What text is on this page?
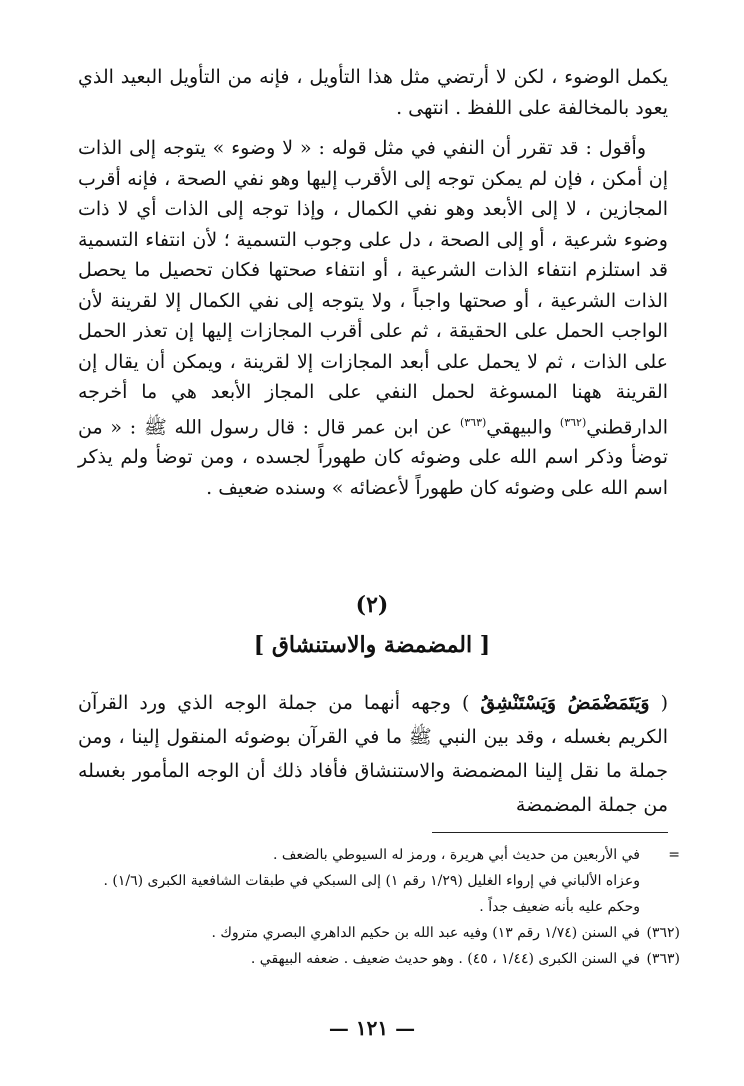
يكمل الوضوء ، لكن لا أرتضي مثل هذا التأويل ، فإنه من التأويل البعيد الذي يعود بالمخالفة على اللفظ . انتهى .

وأقول : قد تقرر أن النفي في مثل قوله : « لا وضوء » يتوجه إلى الذات إن أمكن ، فإن لم يمكن توجه إلى الأقرب إليها وهو نفي الصحة ، فإنه أقرب المجازين ، لا إلى الأبعد وهو نفي الكمال ، وإذا توجه إلى الذات أي لا ذات وضوء شرعية ، أو إلى الصحة ، دل على وجوب التسمية ؛ لأن انتفاء التسمية قد استلزم انتفاء الذات الشرعية ، أو انتفاء صحتها فكان تحصيل ما يحصل الذات الشرعية ، أو صحتها واجباً ، ولا يتوجه إلى نفي الكمال إلا لقرينة لأن الواجب الحمل على الحقيقة ، ثم على أقرب المجازات إليها إن تعذر الحمل على الذات ، ثم لا يحمل على أبعد المجازات إلا لقرينة ، ويمكن أن يقال إن القرينة ههنا المسوغة لحمل النفي على المجاز الأبعد هي ما أخرجه الدارقطني$^{(٣٦٢)}$ والبيهقي$^{(٣٦٣)}$ عن ابن عمر قال : قال رسول الله ﷺ : « من توضأ وذكر اسم الله على وضوئه كان طهوراً لجسده ، ومن توضأ ولم يذكر اسم الله على وضوئه كان طهوراً لأعضائه » وسنده ضعيف .

(٢)
[ المضمضة والاستنشاق ]

( وَيَتَمَضْمَضُ وَيَسْتَنْشِقُ ) وجهه أنهما من جملة الوجه الذي ورد القرآن الكريم بغسله ، وقد بين النبي ﷺ ما في القرآن بوضوئه المنقول إلينا ، ومن جملة ما نقل إلينا المضمضة والاستنشاق فأفاد ذلك أن الوجه المأمور بغسله من جملة المضمضة

=
في الأربعين من حديث أبي هريرة ، ورمز له السيوطي بالضعف .
وعزاه الألباني في إرواء الغليل (١/٢٩ رقم ١) إلى السبكي في طبقات الشافعية الكبرى (١/٦) .
وحكم عليه بأنه ضعيف جداً .
(٣٦٢)
في السنن (١/٧٤ رقم ١٣) وفيه عبد الله بن حكيم الداهري البصري متروك .
(٣٦٣)
في السنن الكبرى (١/٤٤ ، ٤٥) . وهو حديث ضعيف . ضعفه البيهقي .
— ١٢١ —
